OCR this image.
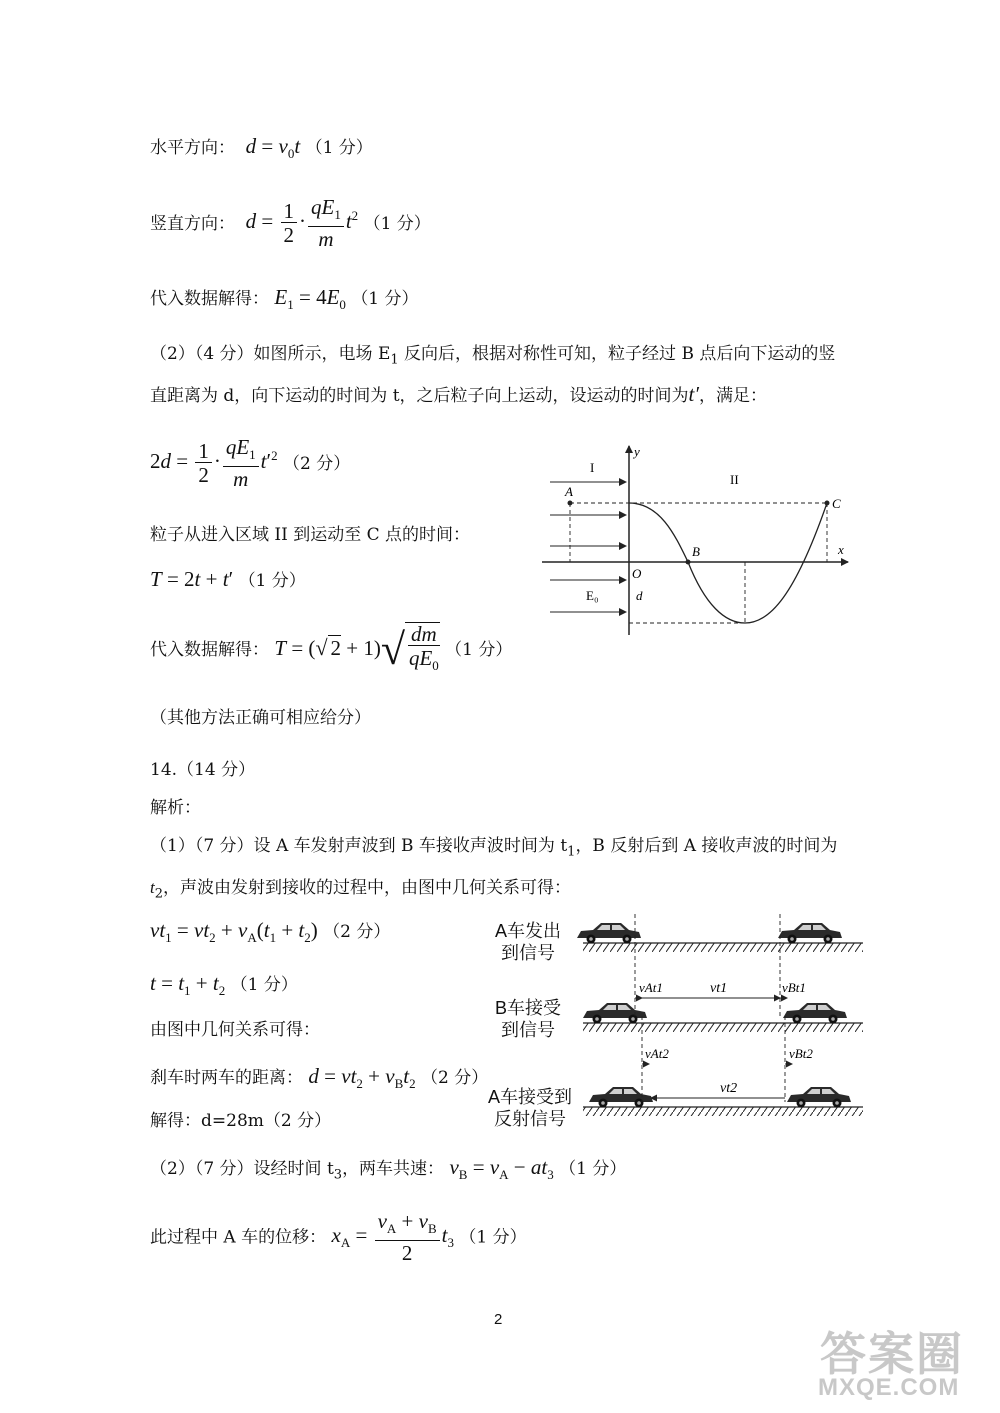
水平方向： $d = v_0t$ （1 分）
竖直方向： $d = \frac{1}{2} \cdot \frac{qE_1}{m} t^2$ （1 分）
代入数据解得： $E_1 = 4E_0$ （1 分）
（2）（4 分）如图所示，电场 $E_1$ 反向后，根据对称性可知，粒子经过 B 点后向下运动的竖
直距离为 d，向下运动的时间为 t，之后粒子向上运动，设运动的时间为t′，满足：
$2d = \frac{1}{2} \cdot \frac{qE_1}{m} t'^2$ （2 分）
粒子从进入区域 II 到运动至 C 点的时间：
T = 2t + t′ （1 分）
代入数据解得： T = (√ $2 + 1)√ \frac{dm}{qE_0} (1$ 分）
（其他方法正确可相应给分）
14.（14 分）
解析：
（1）（7 分）设 A 车发射声波到 B 车接收声波时间为 $t_1$，B 反射后到 A 接收声波的时间为
$t_2$，声波由发射到接收的过程中，由图中几何关系可得：
$vt_1 = vt_2 + v_A(t_1 + t_2)$ （2 分）
$t = t_1 + t_2$ （1 分）
由图中几何关系可得：
刹车时两车的距离： $d = vt_2 + v_Bt_2$ （2 分）
解得：d=28m（2 分）
（2）（7 分）设经时间 $t_3$，两车共速： $v_B = v_A - at_3$ （1 分）
此过程中 A 车的位移： $x_A = \frac{v_A + v_B}{2} t_3$ （1 分）
I
II
A
C
B
O
x
y
E₀	d
A车发出
到信号
B车接受
到信号
A车接受到
反射信号
vAt1	vt1	vBt1
vAt2	vBt2
vt2
2
答案圈
MXQE.COM
